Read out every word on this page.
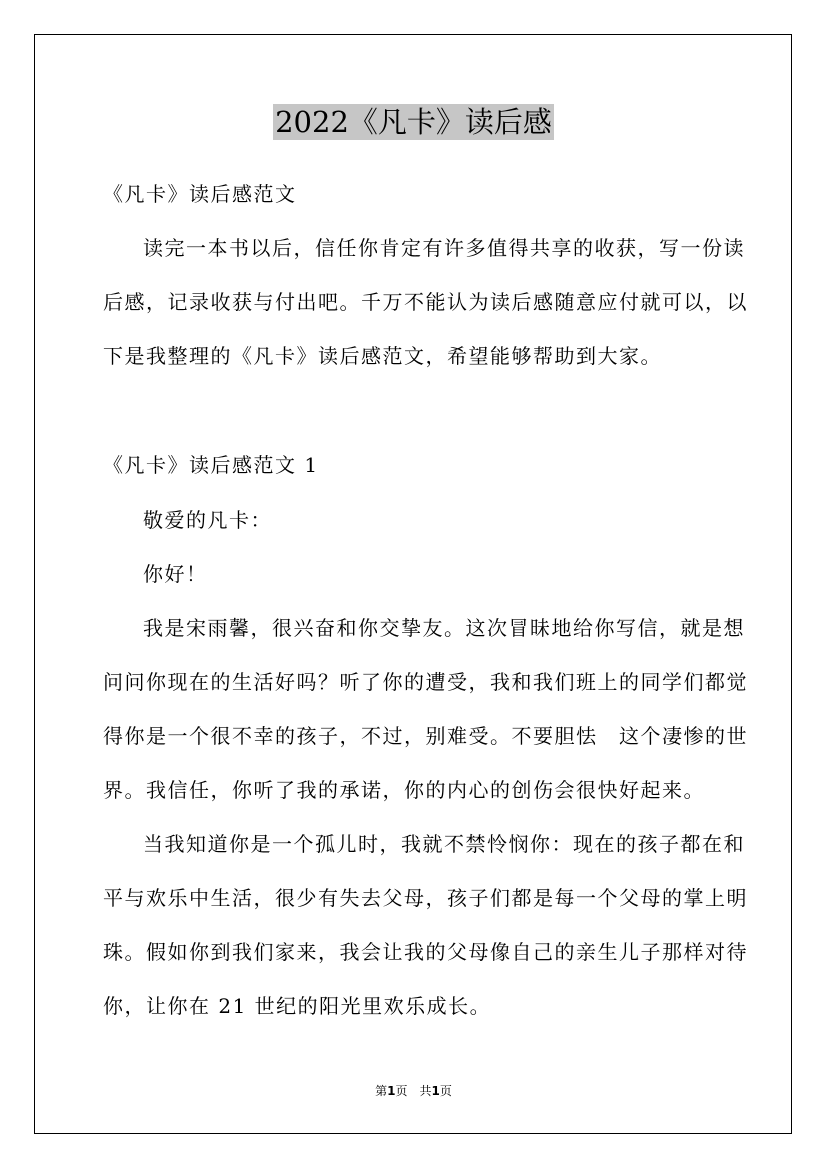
2022《凡卡》读后感
《凡卡》读后感范文
读完一本书以后，信任你肯定有许多值得共享的收获，写一份读
后感，记录收获与付出吧。千万不能认为读后感随意应付就可以，以
下是我整理的《凡卡》读后感范文，希望能够帮助到大家。
《凡卡》读后感范文 1
敬爱的凡卡：
你好！
我是宋雨馨，很兴奋和你交挚友。这次冒昧地给你写信，就是想
问问你现在的生活好吗？听了你的遭受，我和我们班上的同学们都觉
得你是一个很不幸的孩子，不过，别难受。不要胆怯　这个凄惨的世
界。我信任，你听了我的承诺，你的内心的创伤会很快好起来。
当我知道你是一个孤儿时，我就不禁怜悯你：现在的孩子都在和
平与欢乐中生活，很少有失去父母，孩子们都是每一个父母的掌上明
珠。假如你到我们家来，我会让我的父母像自己的亲生儿子那样对待
你，让你在 21 世纪的阳光里欢乐成长。
第1页　 共1页
